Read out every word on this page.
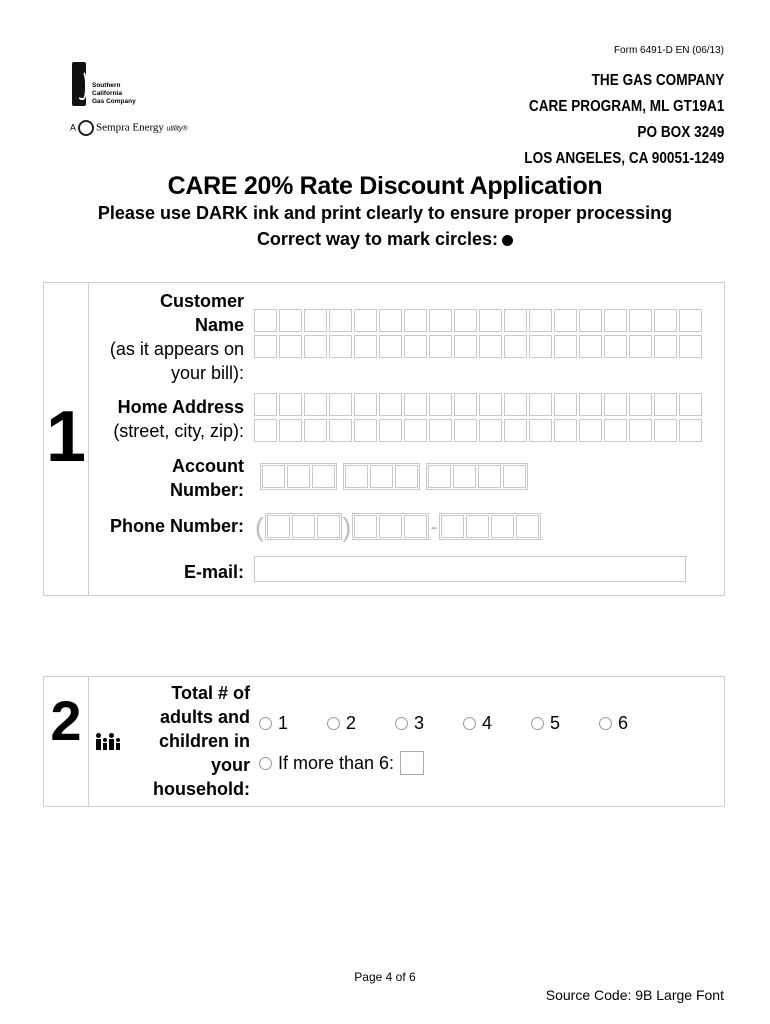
Form 6491-D EN (06/13)
Southern
California
Gas Company
A Sempra Energy utility®
THE GAS COMPANY
CARE PROGRAM, ML GT19A1
PO BOX 3249
LOS ANGELES, CA 90051-1249
CARE 20% Rate Discount Application
Please use DARK ink and print clearly to ensure proper processing
Correct way to mark circles:
1
Customer
Name
(as it appears on
your bill):
Home Address
(street, city, zip):
Account
Number:
Phone Number: (	)	-
E-mail:
2	Total # of
adults and
children in
your
household:
1	2	3	4	5	6
If more than 6:
Page 4 of 6
Source Code: 9B Large Font
